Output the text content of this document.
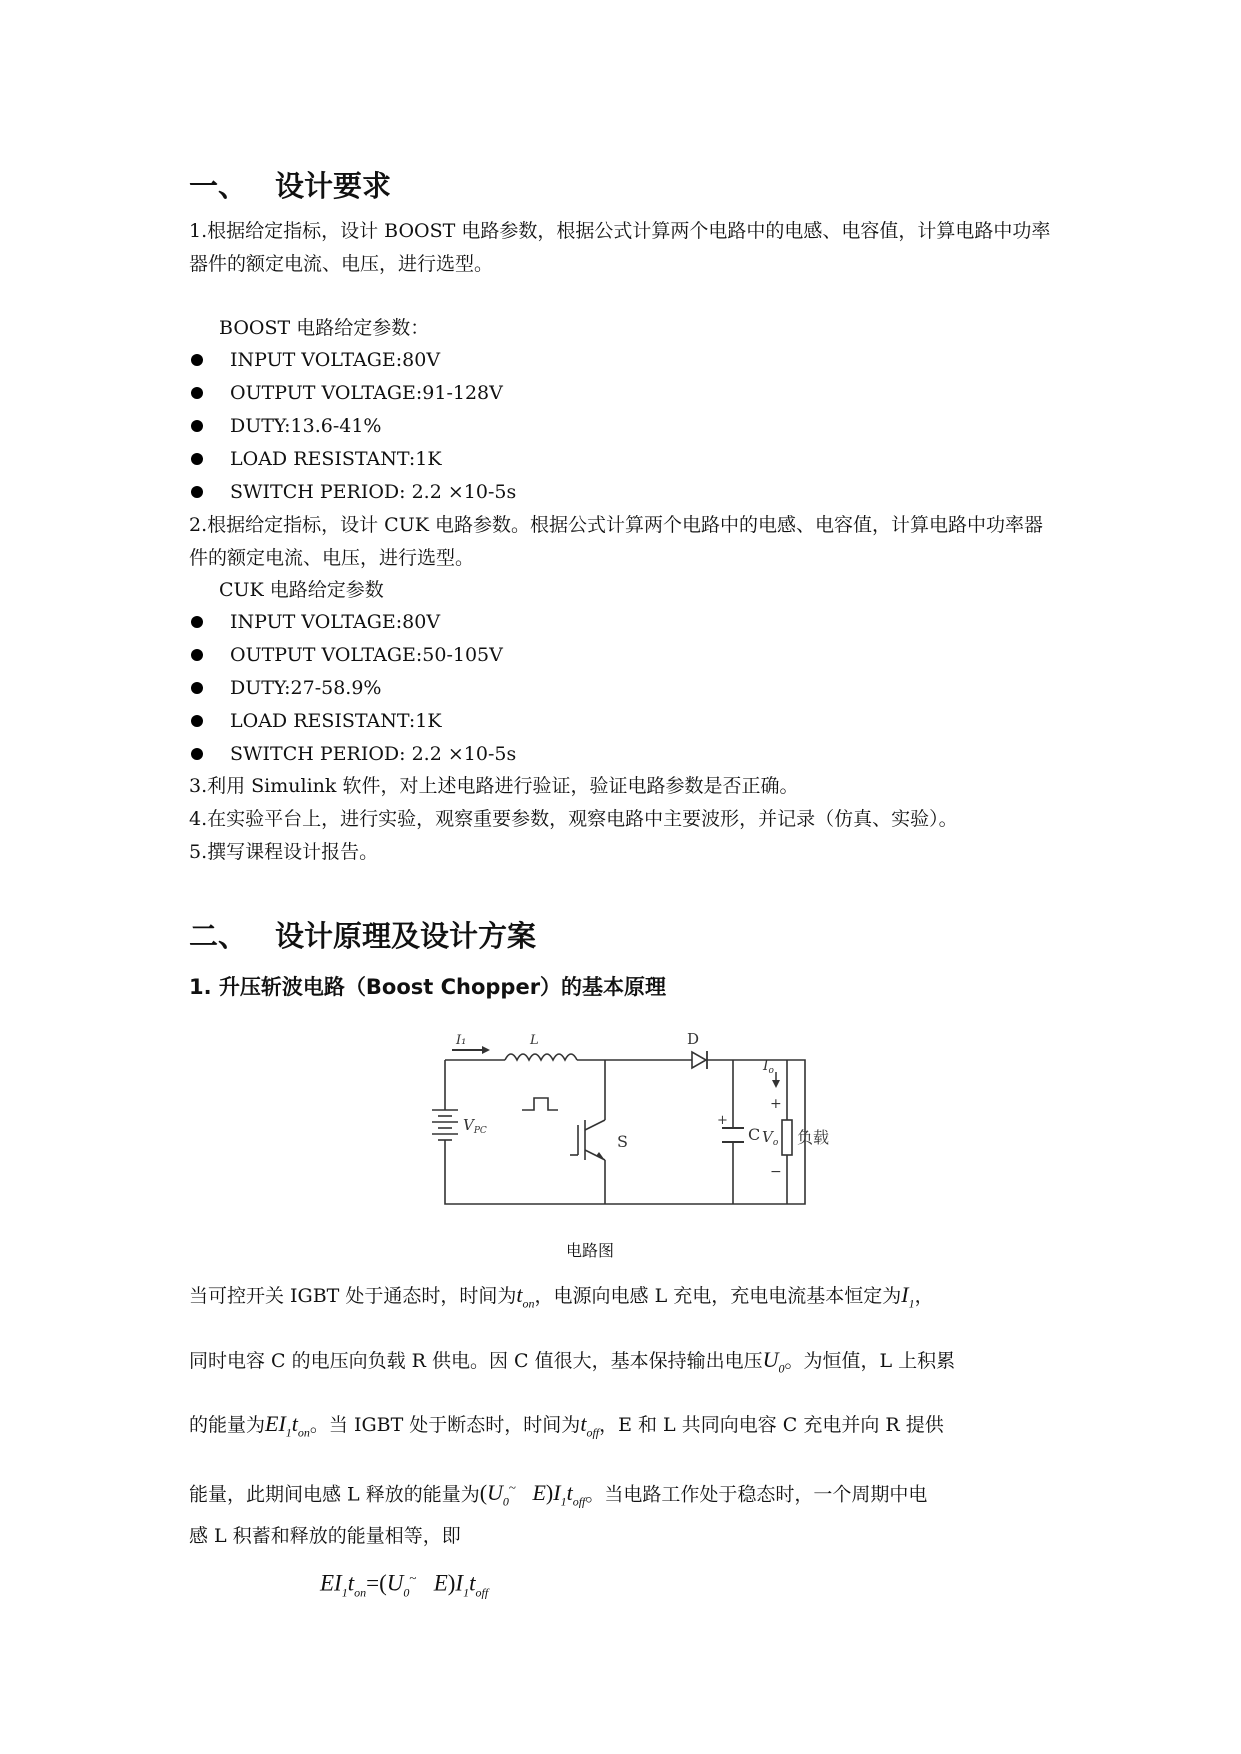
一、 设计要求
1.根据给定指标，设计 BOOST 电路参数，根据公式计算两个电路中的电感、电容值，计算电路中功率器件的额定电流、电压，进行选型。
BOOST 电路给定参数：
INPUT VOLTAGE:80V
OUTPUT VOLTAGE:91-128V
DUTY:13.6-41%
LOAD RESISTANT:1K
SWITCH PERIOD: 2.2 ×10-5s
2.根据给定指标，设计 CUK 电路参数。根据公式计算两个电路中的电感、电容值，计算电路中功率器件的额定电流、电压，进行选型。
CUK 电路给定参数
INPUT VOLTAGE:80V
OUTPUT VOLTAGE:50-105V
DUTY:27-58.9%
LOAD RESISTANT:1K
SWITCH PERIOD: 2.2 ×10-5s
3.利用 Simulink 软件，对上述电路进行验证，验证电路参数是否正确。
4.在实验平台上，进行实验，观察重要参数，观察电路中主要波形，并记录（仿真、实验）。
5.撰写课程设计报告。
二、 设计原理及设计方案
1. 升压斩波电路（Boost Chopper）的基本原理
I₁	L
$V_{PC}$
S
D
+
C
$I_o$
+
$V_o$
−
负载
电路图
当可控开关 IGBT 处于通态时，时间为$t_{on}$，电源向电感 L 充电，充电电流基本恒定为$I_1$，
同时电容 C 的电压向负载 R 供电。因 C 值很大，基本保持输出电压$U_0$。为恒值，L 上积累
的能量为$EI_1t_{on}$。当 IGBT 处于断态时，时间为$t_{off}$，E 和 L 共同向电容 C 充电并向 R 提供
能量，此期间电感 L 释放的能量为($U_0^\sim$ $E)I_1t_{off}$。当电路工作处于稳态时，一个周期中电
感 L 积蓄和释放的能量相等，即
$EI_1t_{on}=(U_0^\sim$ $E)I_1t_{off}$
